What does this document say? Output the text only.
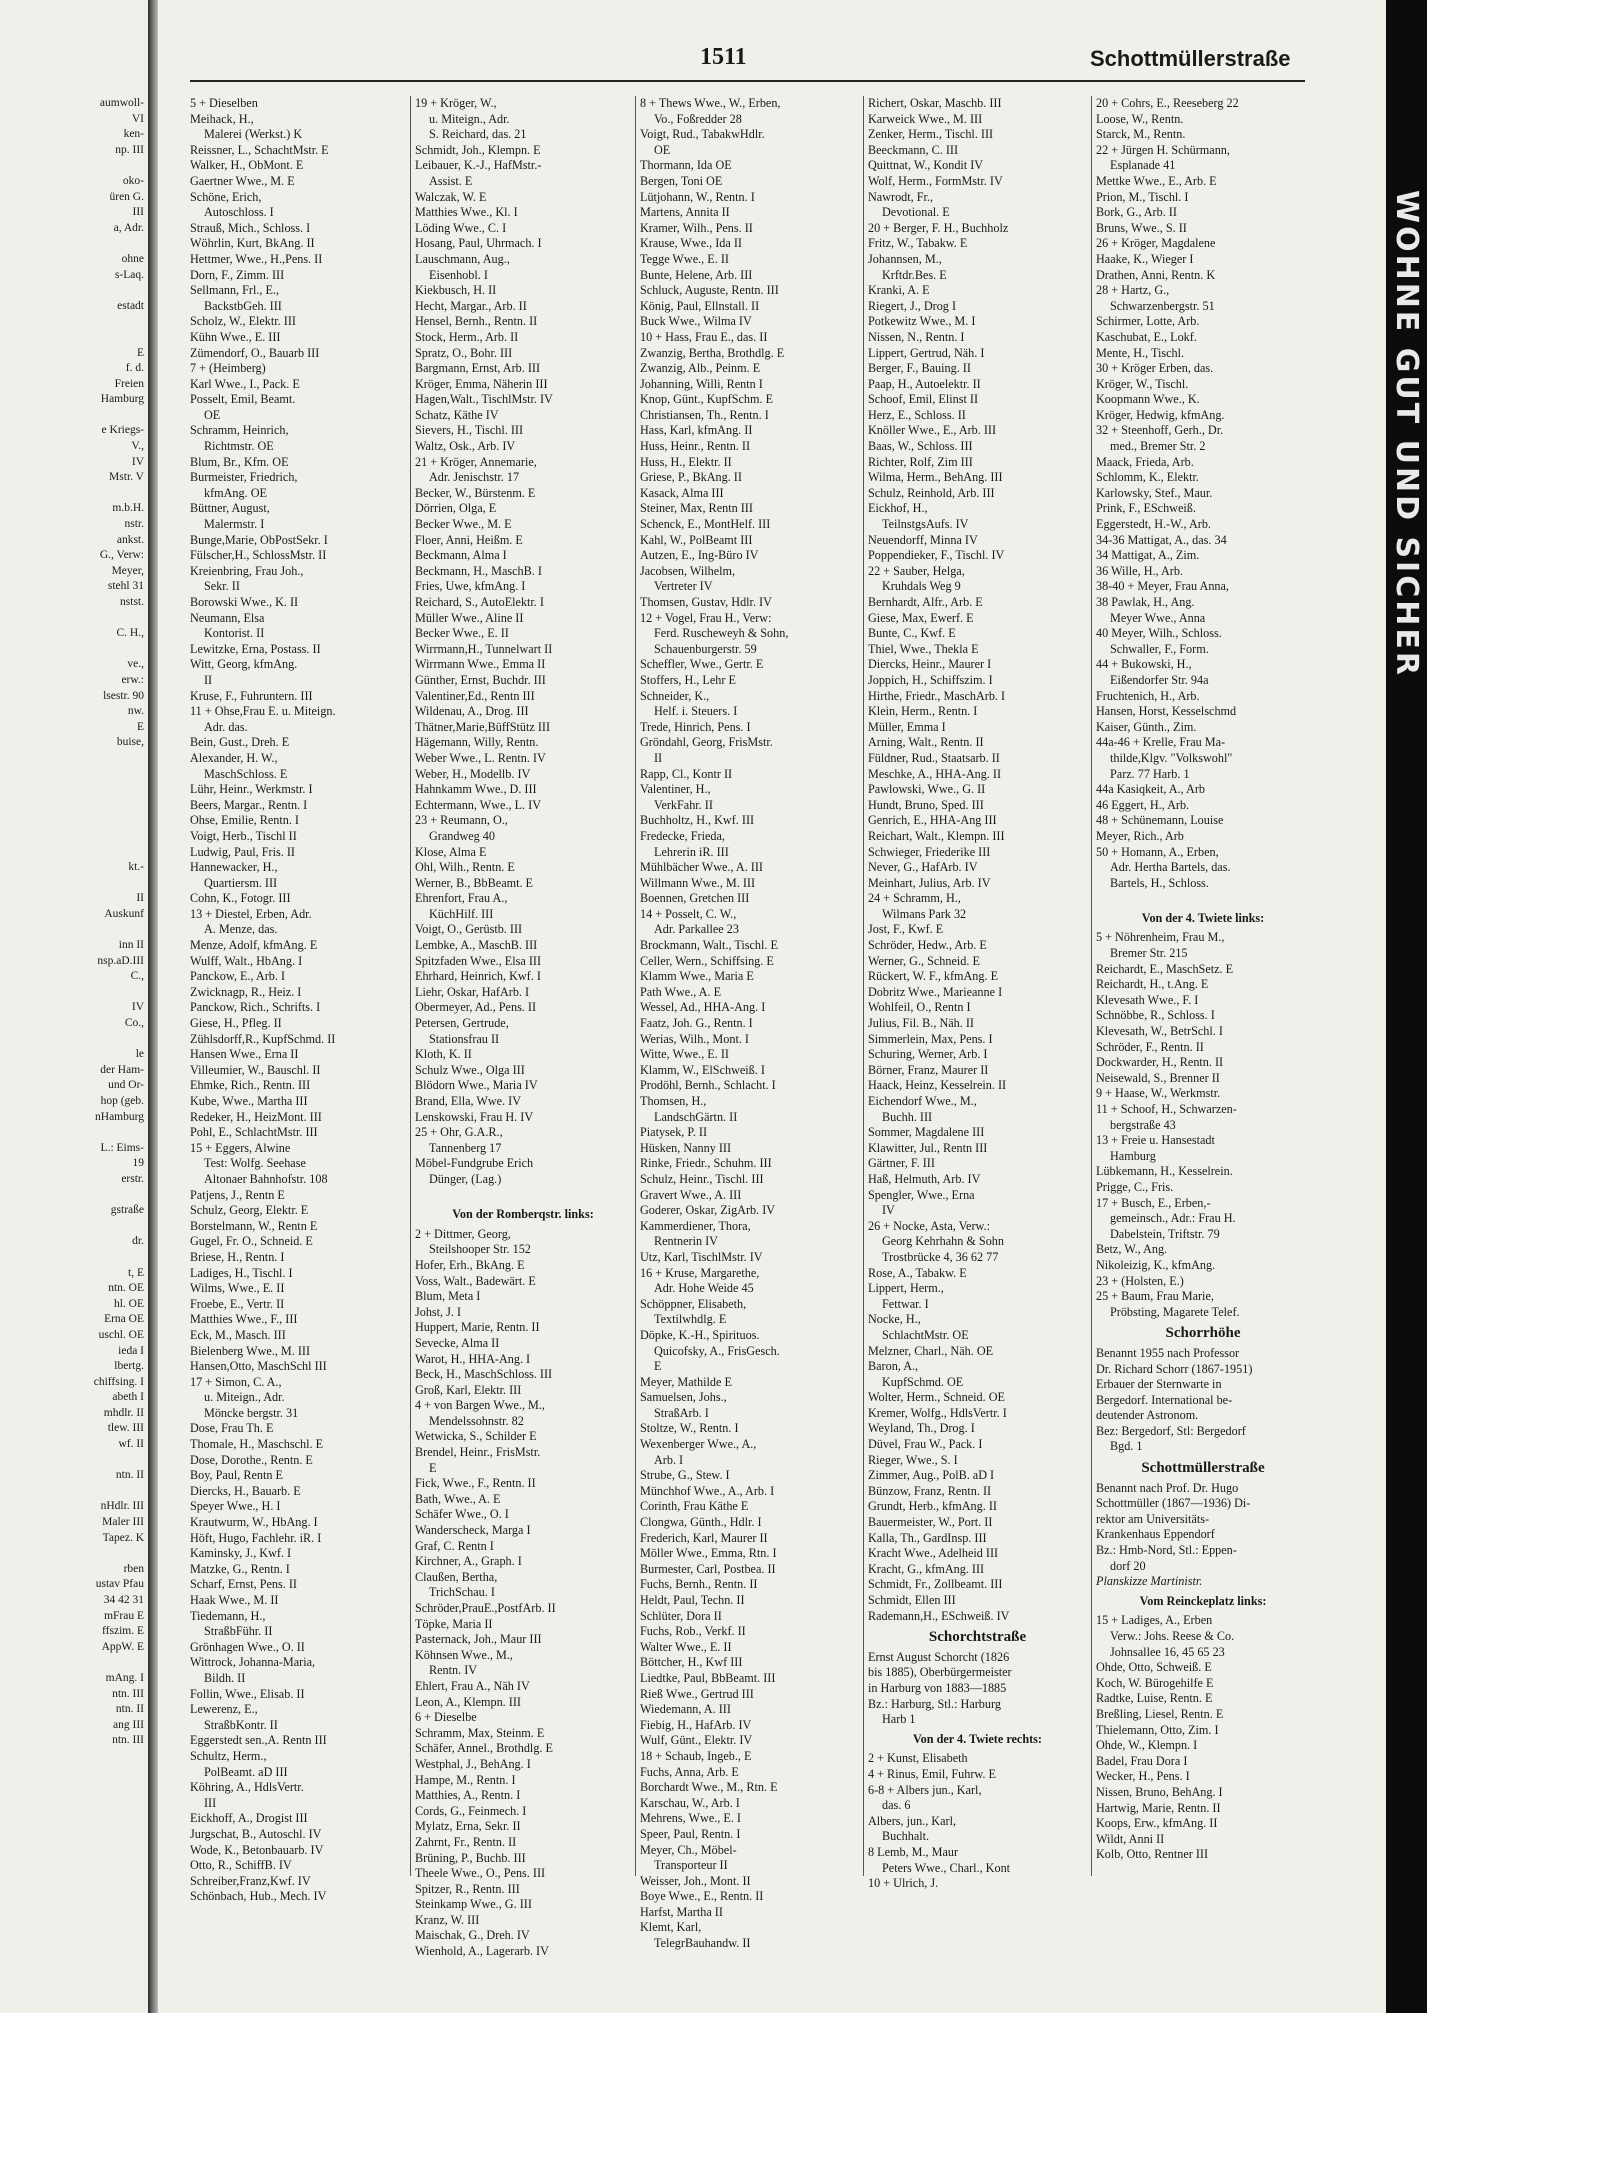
aumwoll-
VI
ken-
np. III

oko-
üren G.
III
a, Adr.

ohne
s-Laq.

estadt

E
f. d.
Freien
Hamburg

e Kriegs-
V.,
IV
Mstr. V

m.b.H.
nstr.
ankst.
G., Verw:
Meyer,
stehl 31
nstst.

C. H.,

ve.,
erw.:
lsestr. 90
nw.
E
buise,

kt.-

II
Auskunf

inn II
nsp.aD.III
C.,

IV
Co.,

le
der Ham-
und Or-
hop (geb.
nHamburg

L.: Eims-
19
erstr.

gstraße

dr.

t, E
ntn. OE
hl. OE
Erna OE
uschl. OE
ieda I
lbertg.
chiffsing. I
abeth I
mhdlr. II
tlew. III
wf. II

ntn. II

nHdlr. III
Maler III
Tapez. K

rben
ustav Pfau
34 42 31
mFrau E
ffszim. E
AppW. E

mAng. I
ntn. III
ntn. II
ang III
ntn. III
1511	Schottmüllerstraße
5 + Dieselben
Meihack, H.,
Malerei (Werkst.) K
Reissner, L., SchachtMstr. E
Walker, H., ObMont. E
Gaertner Wwe., M. E
Schöne, Erich,
Autoschloss. I
Strauß, Mich., Schloss. I
Wöhrlin, Kurt, BkAng. II
Hettmer, Wwe., H.,Pens. II
Dorn, F., Zimm. III
Sellmann, Frl., E.,
BackstbGeh. III
Scholz, W., Elektr. III
Kühn Wwe., E. III
Zümendorf, O., Bauarb III
7 + (Heimberg)
Karl Wwe., I., Pack. E
Posselt, Emil, Beamt.
OE
Schramm, Heinrich,
Richtmstr. OE
Blum, Br., Kfm. OE
Burmeister, Friedrich,
kfmAng. OE
Büttner, August,
Malermstr. I
Bunge,Marie, ObPostSekr. I
Fülscher,H., SchlossMstr. II
Kreienbring, Frau Joh.,
Sekr. II
Borowski Wwe., K. II
Neumann, Elsa
Kontorist. II
Lewitzke, Erna, Postass. II
Witt, Georg, kfmAng.
II
Kruse, F., Fuhruntern. III
11 + Ohse,Frau E. u. Miteign.
Adr. das.
Bein, Gust., Dreh. E
Alexander, H. W.,
MaschSchloss. E
Lühr, Heinr., Werkmstr. I
Beers, Margar., Rentn. I
Ohse, Emilie, Rentn. I
Voigt, Herb., Tischl II
Ludwig, Paul, Fris. II
Hannewacker, H.,
Quartiersm. III
Cohn, K., Fotogr. III
13 + Diestel, Erben, Adr.
A. Menze, das.
Menze, Adolf, kfmAng. E
Wulff, Walt., HbAng. I
Panckow, E., Arb. I
Zwicknagp, R., Heiz. I
Panckow, Rich., Schrifts. I
Giese, H., Pfleg. II
Zühlsdorff,R., KupfSchmd. II
Hansen Wwe., Erna II
Villeumier, W., Bauschl. II
Ehmke, Rich., Rentn. III
Kube, Wwe., Martha III
Redeker, H., HeizMont. III
Pohl, E., SchlachtMstr. III
15 + Eggers, Alwine
Test: Wolfg. Seehase
Altonaer Bahnhofstr. 108
Patjens, J., Rentn E
Schulz, Georg, Elektr. E
Borstelmann, W., Rentn E
Gugel, Fr. O., Schneid. E
Briese, H., Rentn. I
Ladiges, H., Tischl. I
Wilms, Wwe., E. II
Froebe, E., Vertr. II
Matthies Wwe., F., III
Eck, M., Masch. III
Bielenberg Wwe., M. III
Hansen,Otto, MaschSchl III
17 + Simon, C. A.,
u. Miteign., Adr.
Möncke bergstr. 31
Dose, Frau Th. E
Thomale, H., Maschschl. E
Dose, Dorothe., Rentn. E
Boy, Paul, Rentn E
Diercks, H., Bauarb. E
Speyer Wwe., H. I
Krautwurm, W., HbAng. I
Höft, Hugo, Fachlehr. iR. I
Kaminsky, J., Kwf. I
Matzke, G., Rentn. I
Scharf, Ernst, Pens. II
Haak Wwe., M. II
Tiedemann, H.,
StraßbFühr. II
Grönhagen Wwe., O. II
Wittrock, Johanna-Maria,
Bildh. II
Follin, Wwe., Elisab. II
Lewerenz, E.,
StraßbKontr. II
Eggerstedt sen.,A. Rentn III
Schultz, Herm.,
PolBeamt. aD III
Köhring, A., HdlsVertr.
III
Eickhoff, A., Drogist III
Jurgschat, B., Autoschl. IV
Wode, K., Betonbauarb. IV
Otto, R., SchiffB. IV
Schreiber,Franz,Kwf. IV
Schönbach, Hub., Mech. IV
19 + Kröger, W.,
u. Miteign., Adr.
S. Reichard, das. 21
Schmidt, Joh., Klempn. E
Leibauer, K.-J., HafMstr.-
Assist. E
Walczak, W. E
Matthies Wwe., Kl. I
Löding Wwe., C. I
Hosang, Paul, Uhrmach. I
Lauschmann, Aug.,
Eisenhobl. I
Kiekbusch, H. II
Hecht, Margar., Arb. II
Hensel, Bernh., Rentn. II
Stock, Herm., Arb. II
Spratz, O., Bohr. III
Bargmann, Ernst, Arb. III
Kröger, Emma, Näherin III
Hagen,Walt., TischlMstr. IV
Schatz, Käthe IV
Sievers, H., Tischl. III
Waltz, Osk., Arb. IV
21 + Kröger, Annemarie,
Adr. Jenischstr. 17
Becker, W., Bürstenm. E
Dörrien, Olga, E
Becker Wwe., M. E
Floer, Anni, Heißm. E
Beckmann, Alma I
Beckmann, H., MaschB. I
Fries, Uwe, kfmAng. I
Reichard, S., AutoElektr. I
Müller Wwe., Aline II
Becker Wwe., E. II
Wirrmann,H., Tunnelwart II
Wirrmann Wwe., Emma II
Günther, Ernst, Buchdr. III
Valentiner,Ed., Rentn III
Wildenau, A., Drog. III
Thätner,Marie,BüffStütz III
Hägemann, Willy, Rentn.
Weber Wwe., L. Rentn. IV
Weber, H., Modellb. IV
Hahnkamm Wwe., D. III
Echtermann, Wwe., L. IV
23 + Reumann, O.,
Grandweg 40
Klose, Alma E
Ohl, Wilh., Rentn. E
Werner, B., BbBeamt. E
Ehrenfort, Frau A.,
KüchHilf. III
Voigt, O., Gerüstb. III
Lembke, A., MaschB. III
Spitzfaden Wwe., Elsa III
Ehrhard, Heinrich, Kwf. I
Liehr, Oskar, HafArb. I
Obermeyer, Ad., Pens. II
Petersen, Gertrude,
Stationsfrau II
Kloth, K. II
Schulz Wwe., Olga III
Blödorn Wwe., Maria IV
Brand, Ella, Wwe. IV
Lenskowski, Frau H. IV
25 + Ohr, G.A.R.,
Tannenberg 17
Möbel-Fundgrube Erich
Dünger, (Lag.)

Von der Romberqstr. links:
2 + Dittmer, Georg,
Steilshooper Str. 152
Hofer, Erh., BkAng. E
Voss, Walt., Badewärt. E
Blum, Meta I
Johst, J. I
Huppert, Marie, Rentn. II
Sevecke, Alma II
Warot, H., HHA-Ang. I
Beck, H., MaschSchloss. III
Groß, Karl, Elektr. III
4 + von Bargen Wwe., M.,
Mendelssohnstr. 82
Wetwicka, S., Schilder E
Brendel, Heinr., FrisMstr.
E
Fick, Wwe., F., Rentn. II
Bath, Wwe., A. E
Schäfer Wwe., O. I
Wanderscheck, Marga I
Graf, C. Rentn I
Kirchner, A., Graph. I
Claußen, Bertha,
TrichSchau. I
Schröder,PrauE.,PostfArb. II
Töpke, Maria II
Pasternack, Joh., Maur III
Köhnsen Wwe., M.,
Rentn. IV
Ehlert, Frau A., Näh IV
Leon, A., Klempn. III
6 + Dieselbe
Schramm, Max, Steinm. E
Schäfer, Annel., Brothdlg. E
Westphal, J., BehAng. I
Hampe, M., Rentn. I
Matthies, A., Rentn. I
Cords, G., Feinmech. I
Mylatz, Erna, Sekr. II
Zahrnt, Fr., Rentn. II
Brüning, P., Buchb. III
Theele Wwe., O., Pens. III
Spitzer, R., Rentn. III
Steinkamp Wwe., G. III
Kranz, W. III
Maischak, G., Dreh. IV
Wienhold, A., Lagerarb. IV
8 + Thews Wwe., W., Erben,
Vo., Foßredder 28
Voigt, Rud., TabakwHdlr.
OE
Thormann, Ida OE
Bergen, Toni OE
Lütjohann, W., Rentn. I
Martens, Annita II
Kramer, Wilh., Pens. II
Krause, Wwe., Ida II
Tegge Wwe., E. II
Bunte, Helene, Arb. III
Schluck, Auguste, Rentn. III
König, Paul, Ellnstall. II
Buck Wwe., Wilma IV
10 + Hass, Frau E., das. II
Zwanzig, Bertha, Brothdlg. E
Zwanzig, Alb., Peinm. E
Johanning, Willi, Rentn I
Knop, Günt., KupfSchm. E
Christiansen, Th., Rentn. I
Hass, Karl, kfmAng. II
Huss, Heinr., Rentn. II
Huss, H., Elektr. II
Griese, P., BkAng. II
Kasack, Alma III
Steiner, Max, Rentn III
Schenck, E., MontHelf. III
Kahl, W., PolBeamt III
Autzen, E., Ing-Büro IV
Jacobsen, Wilhelm,
Vertreter IV
Thomsen, Gustav, Hdlr. IV
12 + Vogel, Frau H., Verw:
Ferd. Ruscheweyh & Sohn,
Schauenburgerstr. 59
Scheffler, Wwe., Gertr. E
Stoffers, H., Lehr E
Schneider, K.,
Helf. i. Steuers. I
Trede, Hinrich, Pens. I
Gröndahl, Georg, FrisMstr.
II
Rapp, Cl., Kontr II
Valentiner, H.,
VerkFahr. II
Buchholtz, H., Kwf. III
Fredecke, Frieda,
Lehrerin iR. III
Mühlbächer Wwe., A. III
Willmann Wwe., M. III
Boennen, Gretchen III
14 + Posselt, C. W.,
Adr. Parkallee 23
Brockmann, Walt., Tischl. E
Celler, Wern., Schiffsing. E
Klamm Wwe., Maria E
Path Wwe., A. E
Wessel, Ad., HHA-Ang. I
Faatz, Joh. G., Rentn. I
Werias, Wilh., Mont. I
Witte, Wwe., E. II
Klamm, W., ElSchweiß. I
Prodöhl, Bernh., Schlacht. I
Thomsen, H.,
LandschGärtn. II
Piatysek, P. II
Hüsken, Nanny III
Rinke, Friedr., Schuhm. III
Schulz, Heinr., Tischl. III
Gravert Wwe., A. III
Goderer, Oskar, ZigArb. IV
Kammerdiener, Thora,
Rentnerin IV
Utz, Karl, TischlMstr. IV
16 + Kruse, Margarethe,
Adr. Hohe Weide 45
Schöppner, Elisabeth,
Textilwhdlg. E
Döpke, K.-H., Spirituos.
Quicofsky, A., FrisGesch.
E
Meyer, Mathilde E
Samuelsen, Johs.,
StraßArb. I
Stoltze, W., Rentn. I
Wexenberger Wwe., A.,
Arb. I
Strube, G., Stew. I
Münchhof Wwe., A., Arb. I
Corinth, Frau Käthe E
Clongwa, Günth., Hdlr. I
Frederich, Karl, Maurer II
Möller Wwe., Emma, Rtn. I
Burmester, Carl, Postbea. II
Fuchs, Bernh., Rentn. II
Heldt, Paul, Techn. II
Schlüter, Dora II
Fuchs, Rob., Verkf. II
Walter Wwe., E. II
Böttcher, H., Kwf III
Liedtke, Paul, BbBeamt. III
Rieß Wwe., Gertrud III
Wiedemann, A. III
Fiebig, H., HafArb. IV
Wulf, Günt., Elektr. IV
18 + Schaub, Ingeb., E
Fuchs, Anna, Arb. E
Borchardt Wwe., M., Rtn. E
Karschau, W., Arb. I
Mehrens, Wwe., E. I
Speer, Paul, Rentn. I
Meyer, Ch., Möbel-
Transporteur II
Weisser, Joh., Mont. II
Boye Wwe., E., Rentn. II
Harfst, Martha II
Klemt, Karl,
TelegrBauhandw. II
Richert, Oskar, Maschb. III
Karweick Wwe., M. III
Zenker, Herm., Tischl. III
Beeckmann, C. III
Quittnat, W., Kondit IV
Wolf, Herm., FormMstr. IV
Nawrodt, Fr.,
Devotional. E
20 + Berger, F. H., Buchholz
Fritz, W., Tabakw. E
Johannsen, M.,
Krftdr.Bes. E
Kranki, A. E
Riegert, J., Drog I
Potkewitz Wwe., M. I
Nissen, N., Rentn. I
Lippert, Gertrud, Näh. I
Berger, F., Bauing. II
Paap, H., Autoelektr. II
Schoof, Emil, Elinst II
Herz, E., Schloss. II
Knöller Wwe., E., Arb. III
Baas, W., Schloss. III
Richter, Rolf, Zim III
Wilma, Herm., BehAng. III
Schulz, Reinhold, Arb. III
Eickhof, H.,
TeilnstgsAufs. IV
Neuendorff, Minna IV
Poppendieker, F., Tischl. IV
22 + Sauber, Helga,
Kruhdals Weg 9
Bernhardt, Alfr., Arb. E
Giese, Max, Ewerf. E
Bunte, C., Kwf. E
Thiel, Wwe., Thekla E
Diercks, Heinr., Maurer I
Joppich, H., Schiffszim. I
Hirthe, Friedr., MaschArb. I
Klein, Herm., Rentn. I
Müller, Emma I
Arning, Walt., Rentn. II
Füldner, Rud., Staatsarb. II
Meschke, A., HHA-Ang. II
Pawlowski, Wwe., G. II
Hundt, Bruno, Sped. III
Genrich, E., HHA-Ang III
Reichart, Walt., Klempn. III
Schwieger, Friederike III
Never, G., HafArb. IV
Meinhart, Julius, Arb. IV
24 + Schramm, H.,
Wilmans Park 32
Jost, F., Kwf. E
Schröder, Hedw., Arb. E
Werner, G., Schneid. E
Rückert, W. F., kfmAng. E
Dobritz Wwe., Marieanne I
Wohlfeil, O., Rentn I
Julius, Fil. B., Näh. II
Simmerlein, Max, Pens. I
Schuring, Werner, Arb. I
Börner, Franz, Maurer II
Haack, Heinz, Kesselrein. II
Eichendorf Wwe., M.,
Buchh. III
Sommer, Magdalene III
Klawitter, Jul., Rentn III
Gärtner, F. III
Haß, Helmuth, Arb. IV
Spengler, Wwe., Erna
IV
26 + Nocke, Asta, Verw.:
Georg Kehrhahn & Sohn
Trostbrücke 4, 36 62 77
Rose, A., Tabakw. E
Lippert, Herm.,
Fettwar. I
Nocke, H.,
SchlachtMstr. OE
Melzner, Charl., Näh. OE
Baron, A.,
KupfSchmd. OE
Wolter, Herm., Schneid. OE
Kremer, Wolfg., HdlsVertr. I
Weyland, Th., Drog. I
Düvel, Frau W., Pack. I
Rieger, Wwe., S. I
Zimmer, Aug., PolB. aD I
Bünzow, Franz, Rentn. II
Grundt, Herb., kfmAng. II
Bauermeister, W., Port. II
Kalla, Th., GardInsp. III
Kracht Wwe., Adelheid III
Kracht, G., kfmAng. III
Schmidt, Fr., Zollbeamt. III
Schmidt, Ellen III
Rademann,H., ESchweiß. IV
Schorchtstraße
Ernst August Schorcht (1826
bis 1885), Oberbürgermeister
in Harburg von 1883—1885
Bz.: Harburg, Stl.: Harburg
Harb 1
Von der 4. Twiete rechts:
2 + Kunst, Elisabeth
4 + Rinus, Emil, Fuhrw. E
6-8 + Albers jun., Karl,
das. 6
Albers, jun., Karl,
Buchhalt.
8 Lemb, M., Maur
Peters Wwe., Charl., Kont
10 + Ulrich, J.
20 + Cohrs, E., Reeseberg 22
Loose, W., Rentn.
Starck, M., Rentn.
22 + Jürgen H. Schürmann,
Esplanade 41
Mettke Wwe., E., Arb. E
Prion, M., Tischl. I
Bork, G., Arb. II
Bruns, Wwe., S. II
26 + Kröger, Magdalene
Haake, K., Wieger I
Drathen, Anni, Rentn. K
28 + Hartz, G.,
Schwarzenbergstr. 51
Schirmer, Lotte, Arb.
Kaschubat, E., Lokf.
Mente, H., Tischl.
30 + Kröger Erben, das.
Kröger, W., Tischl.
Koopmann Wwe., K.
Kröger, Hedwig, kfmAng.
32 + Steenhoff, Gerh., Dr.
med., Bremer Str. 2
Maack, Frieda, Arb.
Schlomm, K., Elektr.
Karlowsky, Stef., Maur.
Prink, F., ESchweiß.
Eggerstedt, H.-W., Arb.
34-36 Mattigat, A., das. 34
34 Mattigat, A., Zim.
36 Wille, H., Arb.
38-40 + Meyer, Frau Anna,
38 Pawlak, H., Ang.
Meyer Wwe., Anna
40 Meyer, Wilh., Schloss.
Schwaller, F., Form.
44 + Bukowski, H.,
Eißendorfer Str. 94a
Fruchtenich, H., Arb.
Hansen, Horst, Kesselschmd
Kaiser, Günth., Zim.
44a-46 + Krelle, Frau Ma-
thilde,Klgv. "Volkswohl"
Parz. 77 Harb. 1
44a Kasiqkeit, A., Arb
46 Eggert, H., Arb.
48 + Schünemann, Louise
Meyer, Rich., Arb
50 + Homann, A., Erben,
Adr. Hertha Bartels, das.
Bartels, H., Schloss.

Von der 4. Twiete links:
5 + Nöhrenheim, Frau M.,
Bremer Str. 215
Reichardt, E., MaschSetz. E
Reichardt, H., t.Ang. E
Klevesath Wwe., F. I
Schnöbbe, R., Schloss. I
Klevesath, W., BetrSchl. I
Schröder, F., Rentn. II
Dockwarder, H., Rentn. II
Neisewald, S., Brenner II
9 + Haase, W., Werkmstr.
11 + Schoof, H., Schwarzen-
bergstraße 43
13 + Freie u. Hansestadt
Hamburg
Lübkemann, H., Kesselrein.
Prigge, C., Fris.
17 + Busch, E., Erben,-
gemeinsch., Adr.: Frau H.
Dabelstein, Triftstr. 79
Betz, W., Ang.
Nikoleizig, K., kfmAng.
23 + (Holsten, E.)
25 + Baum, Frau Marie,
Pröbsting, Magarete Telef.
Schorrhöhe
Benannt 1955 nach Professor
Dr. Richard Schorr (1867-1951)
Erbauer der Sternwarte in
Bergedorf. International be-
deutender Astronom.
Bez: Bergedorf, Stl: Bergedorf
Bgd. 1
Schottmüllerstraße
Benannt nach Prof. Dr. Hugo
Schottmüller (1867—1936) Di-
rektor am Universitäts-
Krankenhaus Eppendorf
Bz.: Hmb-Nord, Stl.: Eppen-
dorf 20
Planskizze Martinistr.
Vom Reinckeplatz links:
15 + Ladiges, A., Erben
Verw.: Johs. Reese & Co.
Johnsallee 16, 45 65 23
Ohde, Otto, Schweiß. E
Koch, W. Bürogehilfe E
Radtke, Luise, Rentn. E
Breßling, Liesel, Rentn. E
Thielemann, Otto, Zim. I
Ohde, W., Klempn. I
Badel, Frau Dora I
Wecker, H., Pens. I
Nissen, Bruno, BehAng. I
Hartwig, Marie, Rentn. II
Koops, Erw., kfmAng. II
Wildt, Anni II
Kolb, Otto, Rentner III
WOHNE GUT UND SICHER
